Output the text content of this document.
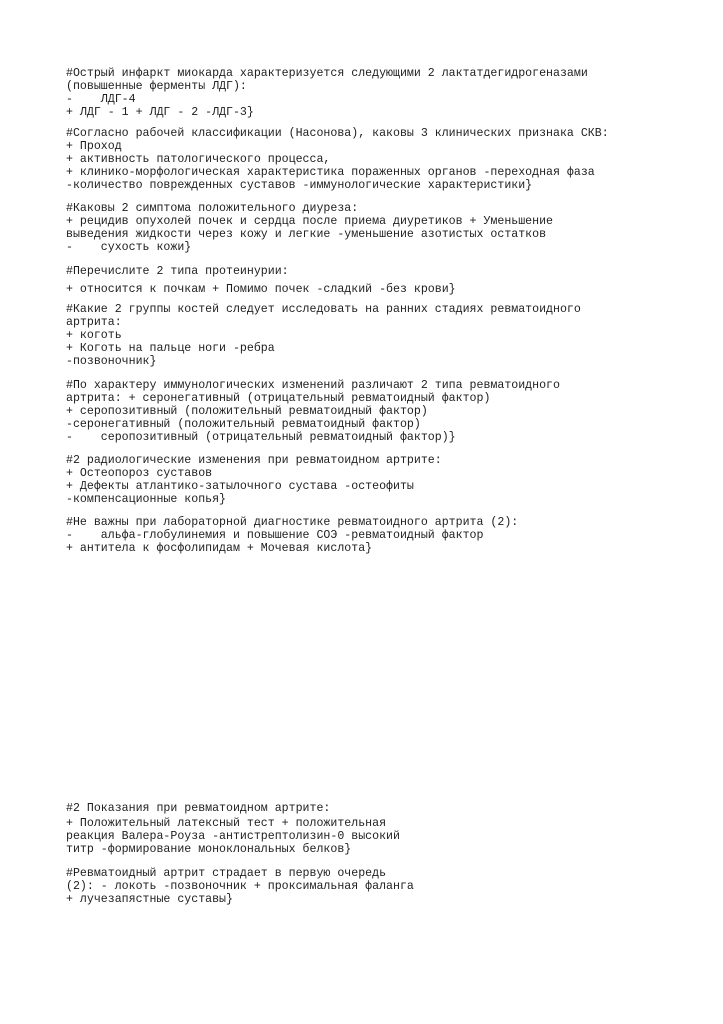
#Острый инфаркт миокарда характеризуется следующими 2 лактатдегидрогеназами
(повышенные ферменты ЛДГ):
-    ЛДГ-4
+ ЛДГ - 1 + ЛДГ - 2 -ЛДГ-3}
#Согласно рабочей классификации (Насонова), каковы 3 клинических признака СКВ:
+ Проход
+ активность патологического процесса,
+ клинико-морфологическая характеристика пораженных органов -переходная фаза
-количество поврежденных суставов -иммунологические характеристики}
#Каковы 2 симптома положительного диуреза:
+ рецидив опухолей почек и сердца после приема диуретиков + Уменьшение
выведения жидкости через кожу и легкие -уменьшение азотистых остатков
-    сухость кожи}
#Перечислите 2 типа протеинурии:
+ относится к почкам + Помимо почек -сладкий -без крови}
#Какие 2 группы костей следует исследовать на ранних стадиях ревматоидного
артрита:
+ коготь
+ Коготь на пальце ноги -ребра
-позвоночник}
#По характеру иммунологических изменений различают 2 типа ревматоидного
артрита: + серонегативный (отрицательный ревматоидный фактор)
+ серопозитивный (положительный ревматоидный фактор)
-серонегативный (положительный ревматоидный фактор)
-    серопозитивный (отрицательный ревматоидный фактор)}
#2 радиологические изменения при ревматоидном артрите:
+ Остеопороз суставов
+ Дефекты атлантико-затылочного сустава -остеофиты
-компенсационные копья}
#Не важны при лабораторной диагностике ревматоидного артрита (2):
-    альфа-глобулинемия и повышение СОЭ -ревматоидный фактор
+ антитела к фосфолипидам + Мочевая кислота}
#2 Показания при ревматоидном артрите:
+ Положительный латексный тест + положительная
реакция Валера-Роуза -антистрептолизин-0 высокий
титр -формирование моноклональных белков}
#Ревматоидный артрит страдает в первую очередь
(2): - локоть -позвоночник + проксимальная фаланга
+ лучезапястные суставы}
